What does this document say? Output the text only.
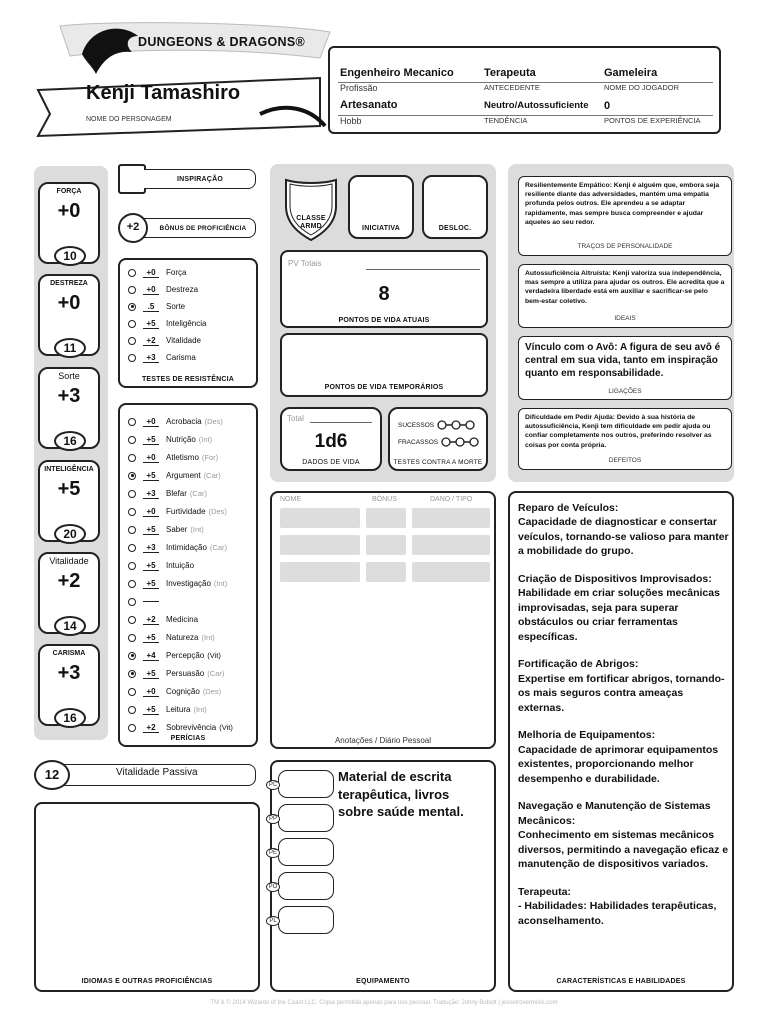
DUNGEONS & DRAGONS®
Kenji Tamashiro
NOME DO PERSONAGEM
Engenheiro Mecanico
Profissão
Terapeuta
ANTECEDENTE
Gameleira
NOME DO JOGADOR
Artesanato
Hobb
Neutro/Autossuficiente
TENDÊNCIA
0
PONTOS DE EXPERIÊNCIA
FORÇA
+0
10
DESTREZA
+0
11
Sorte
+3
16
INTELIGÊNCIA
+5
20
Vitalidade
+2
14
CARISMA
+3
16
INSPIRAÇÃO
+2	BÔNUS DE PROFICIÊNCIA
+0	Força
+0	Destreza
.5	Sorte
+5	Inteligência
+2	Vitalidade
+3	Carisma
TESTES DE RESISTÊNCIA
+0	Acrobacia (Des)
+5	Nutrição (Int)
+0	Atletismo (For)
+5	Argument (Car)
+3	Blefar (Car)
+0	Furtividade (Des)
+5	Saber (Int)
+3	Intimidação (Car)
+5	Intuição
+5	Investigação (Int)
+2	Medicina
+5	Natureza (Int)
+4	Percepção (Vit)
+5	Persuasão (Car)
+0	Cognição (Des)
+5	Leitura (Int)
+2	Sobrevivência (Vit)
PERÍCIAS
12	Vitalidade Passiva
IDIOMAS E OUTRAS PROFICIÊNCIAS
CLASSE ARMD	INICIATIVA	DESLOC.
PV Totais
8
PONTOS DE VIDA ATUAIS
PONTOS DE VIDA TEMPORÁRIOS
Total
1d6
DADOS DE VIDA
SUCESSOS
FRACASSOS
TESTES CONTRA A MORTE
NOME	BÔNUS	DANO / TIPO
Anotações / Diário Pessoal
EQUIPAMENTO
PC
PP
PE
PO
PL
Material de escrita terapêutica, livros sobre saúde mental.
Resilientemente Empático: Kenji é alguém que, embora seja resiliente diante das adversidades, mantém uma empatia profunda pelos outros. Ele aprendeu a se adaptar rapidamente, mas sempre busca compreender e ajudar aqueles ao seu redor.
TRAÇOS DE PERSONALIDADE
Autossuficiência Altruísta: Kenji valoriza sua independência, mas sempre a utiliza para ajudar os outros. Ele acredita que a verdadeira liberdade está em auxiliar e sacrificar-se pelo bem-estar coletivo.
IDEAIS
Vínculo com o Avô: A figura de seu avô é central em sua vida, tanto em inspiração quanto em responsabilidade.
LIGAÇÕES
Dificuldade em Pedir Ajuda: Devido à sua história de autossuficiência, Kenji tem dificuldade em pedir ajuda ou confiar completamente nos outros, preferindo resolver as coisas por conta própria.
DEFEITOS
Reparo de Veículos:
Capacidade de diagnosticar e consertar veículos, tornando-se valioso para manter a mobilidade do grupo.
Criação de Dispositivos Improvisados:
Habilidade em criar soluções mecânicas improvisadas, seja para superar obstáculos ou criar ferramentas específicas.
Fortificação de Abrigos:
Expertise em fortificar abrigos, tornando-os mais seguros contra ameaças externas.
Melhoria de Equipamentos:
Capacidade de aprimorar equipamentos existentes, proporcionando melhor desempenho e durabilidade.
Navegação e Manutenção de Sistemas Mecânicos:
Conhecimento em sistemas mecânicos diversos, permitindo a navegação eficaz e manutenção de dispositivos variados.
Terapeuta:
- Habilidades: Habilidades terapêuticas, aconselhamento.
CARACTERÍSTICAS E HABILIDADES
TM & © 2014 Wizards of the Coast LLC. Cópia permitida apenas para uso pessoal. Tradução: Johny Bobott | jessetrovermisic.com
